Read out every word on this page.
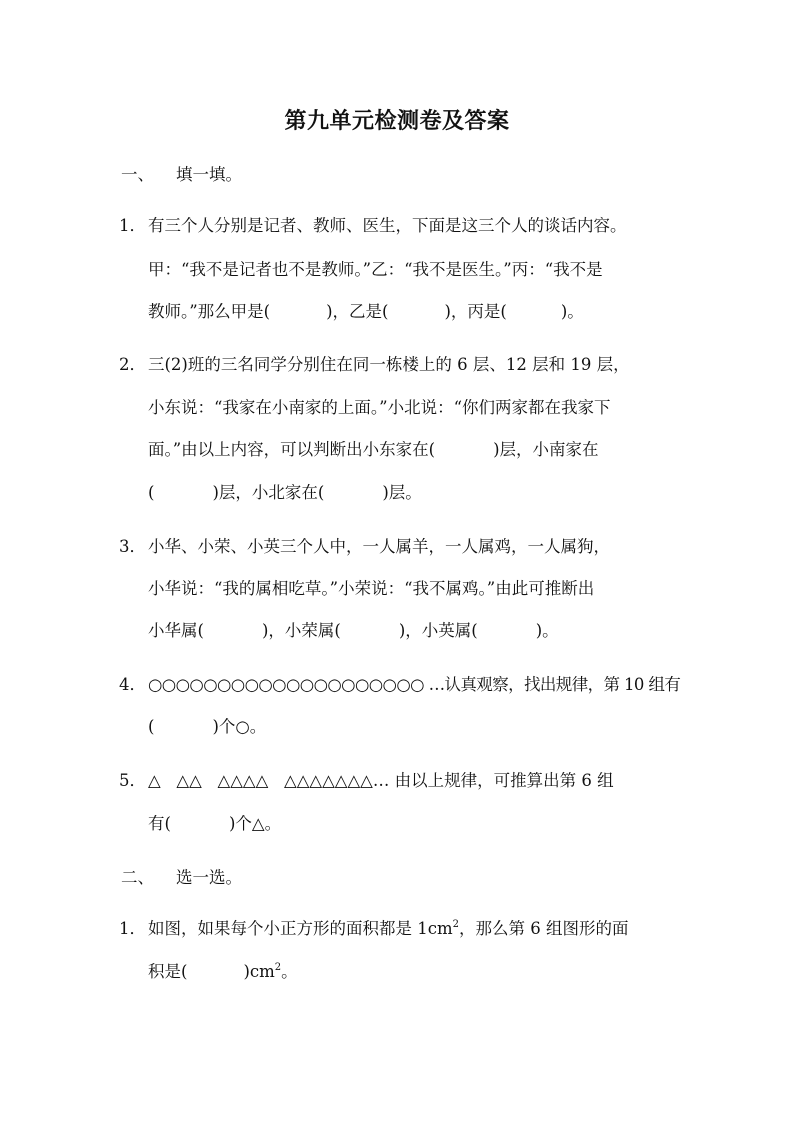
第九单元检测卷及答案
一、 填一填。
1． 有三个人分别是记者、教师、医生，下面是这三个人的谈话内容。
甲：“我不是记者也不是教师。”乙：“我不是医生。”丙：“我不是
教师。”那么甲是(	)，乙是(	)，丙是(	)。
2． 三(2)班的三名同学分别住在同一栋楼上的 6 层、12 层和 19 层，
小东说：“我家在小南家的上面。”小北说：“你们两家都在我家下
面。”由以上内容，可以判断出小东家在(	)层，小南家在
(	)层，小北家在(	)层。
3． 小华、小荣、小英三个人中，一人属羊，一人属鸡，一人属狗，
小华说：“我的属相吃草。”小荣说：“我不属鸡。”由此可推断出
小华属(	)，小荣属(	)，小英属(	)。
4． ○○○○○○○○○○○○○○○○○○○○ …认真观察，找出规律，第 10 组有
(	)个○。
5． △   △△   △△△△   △△△△△△△… 由以上规律，可推算出第 6 组
有(	)个△。
二、 选一选。
1． 如图，如果每个小正方形的面积都是 $1cm^2$，那么第 6 组图形的面
积是(	)$cm^2$。
